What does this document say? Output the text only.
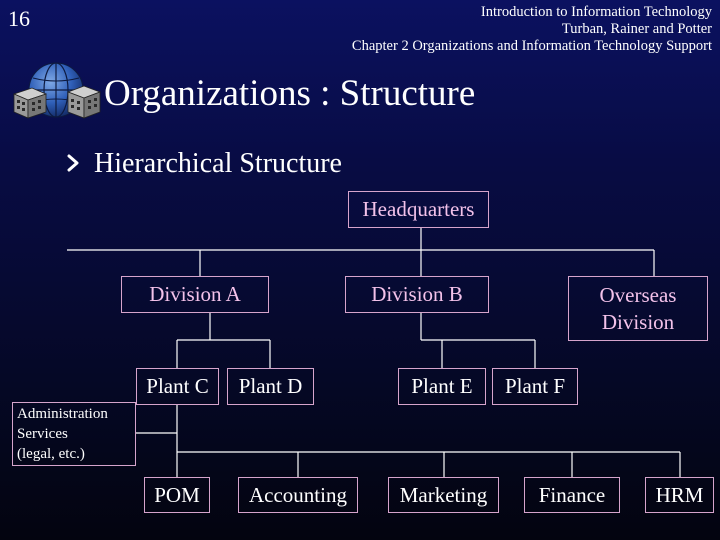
16	Introduction to Information Technology
Turban, Rainer and Potter
Chapter 2 Organizations and Information Technology Support
Organizations : Structure
Hierarchical Structure
Headquarters
Division A	Division B	Overseas Division
Plant C	Plant D	Plant E	Plant F
Administration
Services
(legal, etc.)
POM	Accounting	Marketing	Finance	HRM
